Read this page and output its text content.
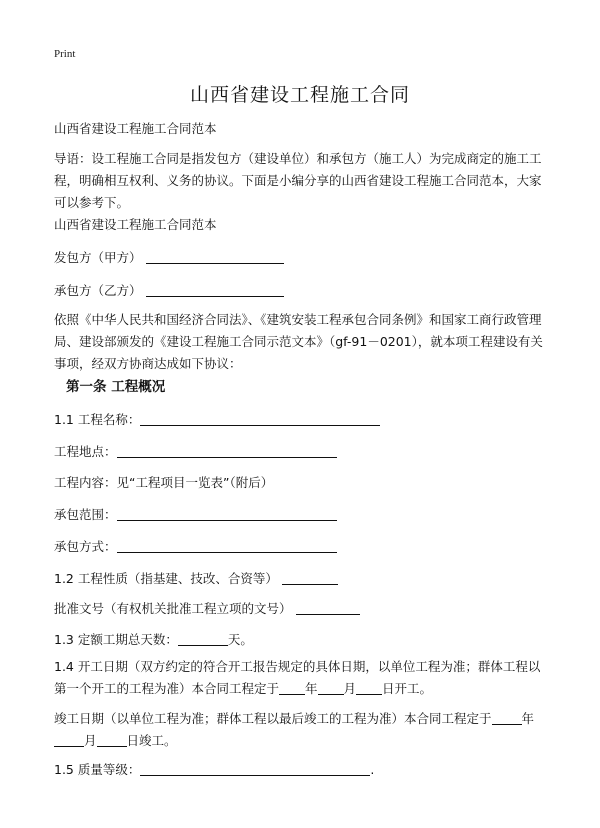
Print
山西省建设工程施工合同
山西省建设工程施工合同范本
导语：设工程施工合同是指发包方（建设单位）和承包方（施工人）为完成商定的施工工程，明确相互权利、义务的协议。下面是小编分享的山西省建设工程施工合同范本，大家可以参考下。
山西省建设工程施工合同范本
发包方（甲方）
承包方（乙方）
依照《中华人民共和国经济合同法》、《建筑安装工程承包合同条例》和国家工商行政管理局、建设部颁发的《建设工程施工合同示范文本》（gf-91－0201），就本项工程建设有关事项，经双方协商达成如下协议：
第一条 工程概况
1.1 工程名称：
工程地点：
工程内容：见“工程项目一览表”（附后）
承包范围：
承包方式：
1.2 工程性质（指基建、技改、合资等）
批准文号（有权机关批准工程立项的文号）
1.3 定额工期总天数：	天。
1.4 开工日期（双方约定的符合开工报告规定的具体日期，以单位工程为准；群体工程以第一个开工的工程为准）本合同工程定于 年 月 日开工。
竣工日期（以单位工程为准；群体工程以最后竣工的工程为准）本合同工程定于 年月 日竣工。
1.5 质量等级：	.
